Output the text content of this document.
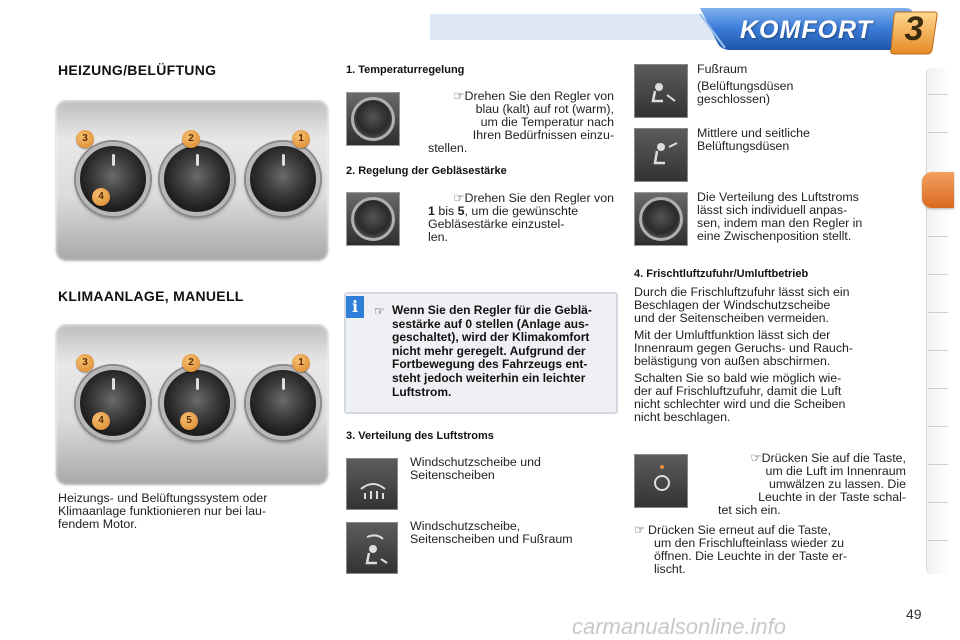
KOMFORT 3
HEIZUNG/BELÜFTUNG
3	2	1
4
KLIMAANLAGE, MANUELL
3	2	1
4	5
Heizungs- und Belüftungssystem oder
Klimaanlage funktionieren nur bei lau-
fendem Motor.
1. Temperaturregelung
☞Drehen Sie den Regler von
blau (kalt) auf rot (warm),
um die Temperatur nach
Ihren Bedürfnissen einzu-
stellen.
2. Regelung der Gebläsestärke
☞Drehen Sie den Regler von
1 bis 5, um die gewünschte
Gebläsestärke einzustel-
len.
i	☞ Wenn Sie den Regler für die Geblä-
sestärke auf 0 stellen (Anlage aus-
geschaltet), wird der Klimakomfort
nicht mehr geregelt. Aufgrund der
Fortbewegung des Fahrzeugs ent-
steht jedoch weiterhin ein leichter
Luftstrom.
3. Verteilung des Luftstroms
Windschutzscheibe und
Seitenscheiben
Windschutzscheibe,
Seitenscheiben und Fußraum
Fußraum
(Belüftungsdüsen
geschlossen)
Mittlere und seitliche
Belüftungsdüsen
Die Verteilung des Luftstroms
lässt sich individuell anpas-
sen, indem man den Regler in
eine Zwischenposition stellt.
4. Frischtluftzufuhr/Umluftbetrieb
Durch die Frischluftzufuhr lässt sich ein
Beschlagen der Windschutzscheibe
und der Seitenscheiben vermeiden.
Mit der Umluftfunktion lässt sich der
Innenraum gegen Geruchs- und Rauch-
belästigung von außen abschirmen.
Schalten Sie so bald wie möglich wie-
der auf Frischluftzufuhr, damit die Luft
nicht schlechter wird und die Scheiben
nicht beschlagen.
☞Drücken Sie auf die Taste,
um die Luft im Innenraum
umwälzen zu lassen. Die
Leuchte in der Taste schal-
tet sich ein.
☞ Drücken Sie erneut auf die Taste,
um den Frischlufteinlass wieder zu
öffnen. Die Leuchte in der Taste er-
lischt.
49
carmanualsonline.info
